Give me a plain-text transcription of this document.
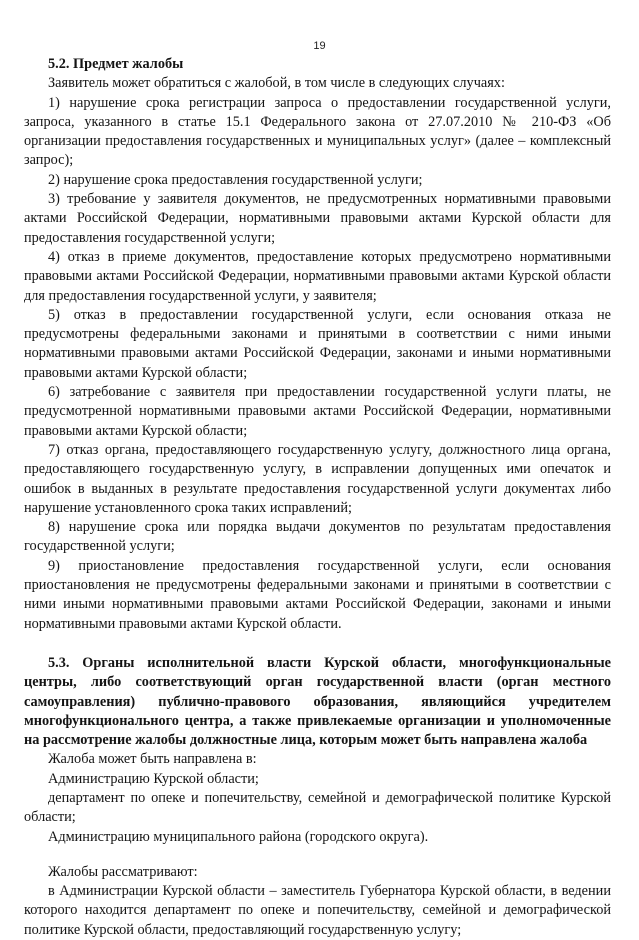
19

5.2. Предмет жалобы

Заявитель может обратиться с жалобой, в том числе в следующих случаях:

1) нарушение срока регистрации запроса о предоставлении государственной услуги, запроса, указанного в статье 15.1 Федерального закона от 27.07.2010 № 210-ФЗ «Об организации предоставления государственных и муниципальных услуг» (далее – комплексный запрос);

2) нарушение срока предоставления государственной услуги;

3) требование у заявителя документов, не предусмотренных нормативными правовыми актами Российской Федерации, нормативными правовыми актами Курской области для предоставления государственной услуги;

4) отказ в приеме документов, предоставление которых предусмотрено нормативными правовыми актами Российской Федерации, нормативными правовыми актами Курской области для предоставления государственной услуги, у заявителя;

5) отказ в предоставлении государственной услуги, если основания отказа не предусмотрены федеральными законами и принятыми в соответствии с ними иными нормативными правовыми актами Российской Федерации, законами и иными нормативными правовыми актами Курской области;

6) затребование с заявителя при предоставлении государственной услуги платы, не предусмотренной нормативными правовыми актами Российской Федерации, нормативными правовыми актами Курской области;

7) отказ органа, предоставляющего государственную услугу, должностного лица органа, предоставляющего государственную услугу, в исправлении допущенных ими опечаток и ошибок в выданных в результате предоставления государственной услуги документах либо нарушение установленного срока таких исправлений;

8) нарушение срока или порядка выдачи документов по результатам предоставления государственной услуги;

9) приостановление предоставления государственной услуги, если основания приостановления не предусмотрены федеральными законами и принятыми в соответствии с ними иными нормативными правовыми актами Российской Федерации, законами и иными нормативными правовыми актами Курской области.

5.3. Органы исполнительной власти Курской области, многофункциональные центры, либо соответствующий орган государственной власти (орган местного самоуправления) публично-правового образования, являющийся учредителем многофункционального центра, а также привлекаемые организации и уполномоченные на рассмотрение жалобы должностные лица, которым может быть направлена жалоба

Жалоба может быть направлена в:

Администрацию Курской области;

департамент по опеке и попечительству, семейной и демографической политике Курской области;

Администрацию муниципального района (городского округа).

Жалобы рассматривают:

в Администрации Курской области – заместитель Губернатора Курской области, в ведении которого находится департамент по опеке и попечительству, семейной и демографической политике Курской области, предоставляющий государственную услугу;
